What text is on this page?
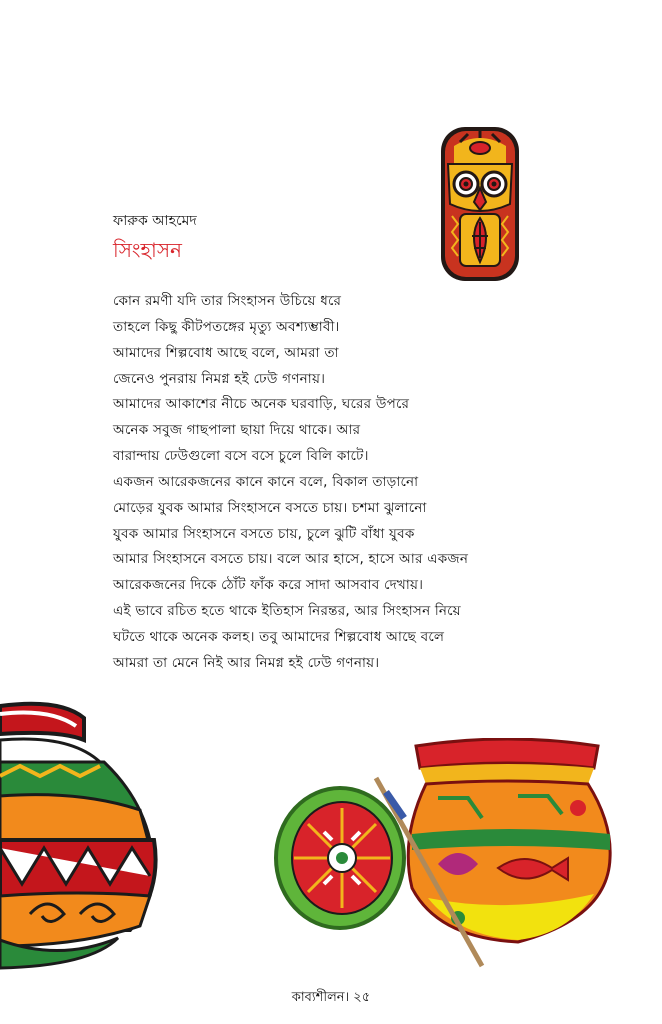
ফারুক আহমেদ
সিংহাসন
কোন রমণী যদি তার সিংহাসন উচিয়ে ধরে
তাহলে কিছু কীটপতঙ্গের মৃত্যু অবশ্যম্ভাবী।
আমাদের শিল্পবোধ আছে বলে, আমরা তা
জেনেও পুনরায় নিমগ্ন হই ঢেউ গণনায়।
আমাদের আকাশের নীচে অনেক ঘরবাড়ি, ঘরের উপরে
অনেক সবুজ গাছপালা ছায়া দিয়ে থাকে। আর
বারান্দায় ঢেউগুলো বসে বসে চুলে বিলি কাটে।
একজন আরেকজনের কানে কানে বলে, বিকাল তাড়ানো
মোড়ের যুবক আমার সিংহাসনে বসতে চায়। চশমা ঝুলানো
যুবক আমার সিংহাসনে বসতে চায়, চুলে ঝুটি বাঁধা যুবক
আমার সিংহাসনে বসতে চায়। বলে আর হাসে, হাসে আর একজন
আরেকজনের দিকে ঠোঁট ফাঁক করে সাদা আসবাব দেখায়।
এই ভাবে রচিত হতে থাকে ইতিহাস নিরন্তর, আর সিংহাসন নিয়ে
ঘটতে থাকে অনেক কলহ। তবু আমাদের শিল্পবোধ আছে বলে
আমরা তা মেনে নিই আর নিমগ্ন হই ঢেউ গণনায়।
কাব্যশীলন। ২৫
